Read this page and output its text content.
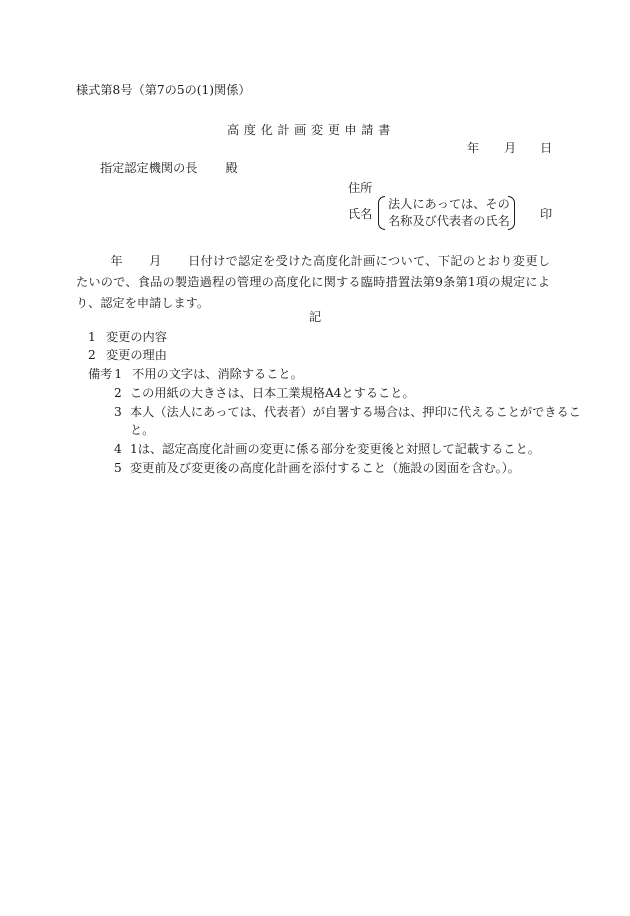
様式第8号（第7の5の(1)関係）
高度化計画変更申請書
年 月 日
指定認定機関の長 殿
住所
氏名
法人にあっては、その
名称及び代表者の氏名 印
年 月 日付けで認定を受けた高度化計画について、下記のとおり変更したいので、食品の製造過程の管理の高度化に関する臨時措置法第9条第1項の規定により、認定を申請します。
記
1 変更の内容
2 変更の理由
備考 1 不用の文字は、消除すること。
2 この用紙の大きさは、日本工業規格A4とすること。
3 本人（法人にあっては、代表者）が自署する場合は、押印に代えることができるこ
と。
4 1は、認定高度化計画の変更に係る部分を変更後と対照して記載すること。
5 変更前及び変更後の高度化計画を添付すること（施設の図面を含む。）。
